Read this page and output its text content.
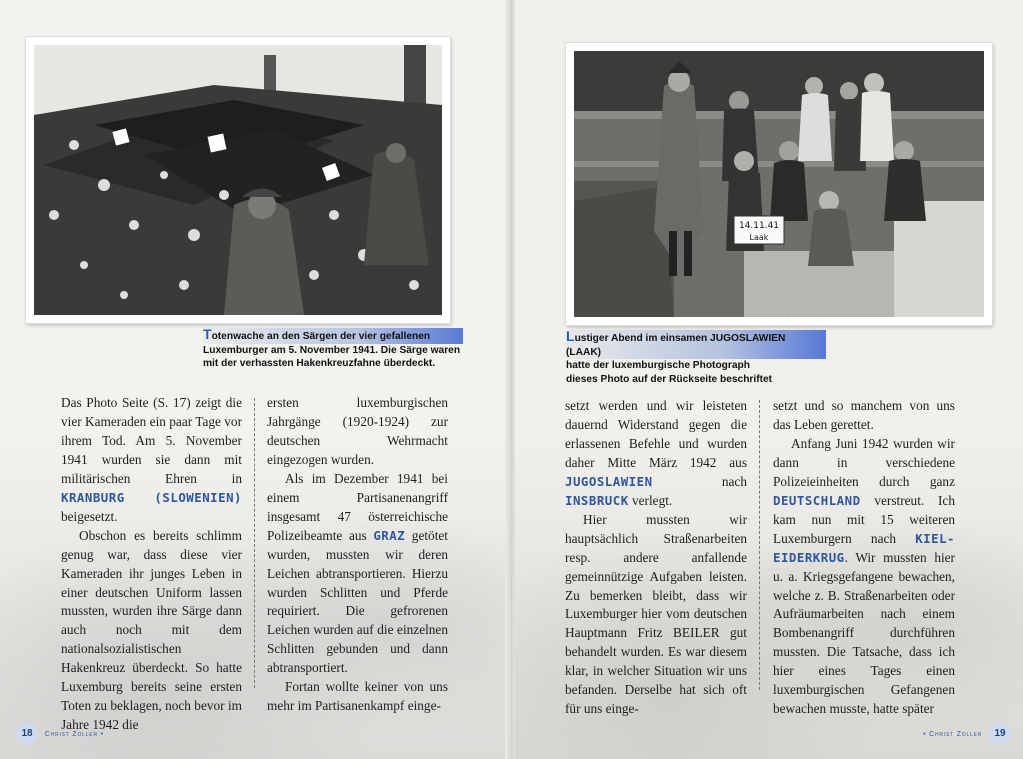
Totenwache an den Särgen der vier gefallenen
Luxemburger am 5. November 1941. Die Särge waren
mit der verhassten Hakenkreuzfahne überdeckt.

Das Photo Seite (S. 17) zeigt die vier Kameraden ein paar Tage vor ihrem Tod. Am 5. November 1941 wurden sie dann mit militärischen Ehren in KRANBURG (SLOWENIEN) beigesetzt.

Obschon es bereits schlimm genug war, dass diese vier Kameraden ihr junges Leben in einer deutschen Uniform lassen mussten, wurden ihre Särge dann auch noch mit dem nationalsozialistischen Hakenkreuz überdeckt. So hatte Luxemburg bereits seine ersten Toten zu beklagen, noch bevor im Jahre 1942 die

ersten luxemburgischen Jahrgänge (1920-1924) zur deutschen Wehrmacht eingezogen wurden.

Als im Dezember 1941 bei einem Partisanenangriff insgesamt 47 österreichische Polizeibeamte aus GRAZ getötet wurden, mussten wir deren Leichen abtransportieren. Hierzu wurden Schlitten und Pferde requiriert. Die gefrorenen Leichen wurden auf die einzelnen Schlitten gebunden und dann abtransportiert.

Fortan wollte keiner von uns mehr im Partisanenkampf einge-

18 Christ Zoller •
14.11.41
Laak
Lustiger Abend im einsamen JUGOSLAWIEN (LAAK)
hatte der luxemburgische Photograph
dieses Photo auf der Rückseite beschriftet

setzt werden und wir leisteten dauernd Widerstand gegen die erlassenen Befehle und wurden daher Mitte März 1942 aus JUGOSLAWIEN nach INSBRUCK verlegt.

Hier mussten wir hauptsächlich Straßenarbeiten resp. andere anfallende gemeinnützige Aufgaben leisten. Zu bemerken bleibt, dass wir Luxemburger hier vom deutschen Hauptmann Fritz BEILER gut behandelt wurden. Es war diesem klar, in welcher Situation wir uns befanden. Derselbe hat sich oft für uns einge-

setzt und so manchem von uns das Leben gerettet.

Anfang Juni 1942 wurden wir dann in verschiedene Polizeieinheiten durch ganz DEUTSCHLAND verstreut. Ich kam nun mit 15 weiteren Luxemburgern nach KIEL-EIDERKRUG. Wir mussten hier u. a. Kriegsgefangene bewachen, welche z. B. Straßenarbeiten oder Aufräumarbeiten nach einem Bombenangriff durchführen mussten. Die Tatsache, dass ich hier eines Tages einen luxemburgischen Gefangenen bewachen musste, hatte später

• Christ Zoller 19
